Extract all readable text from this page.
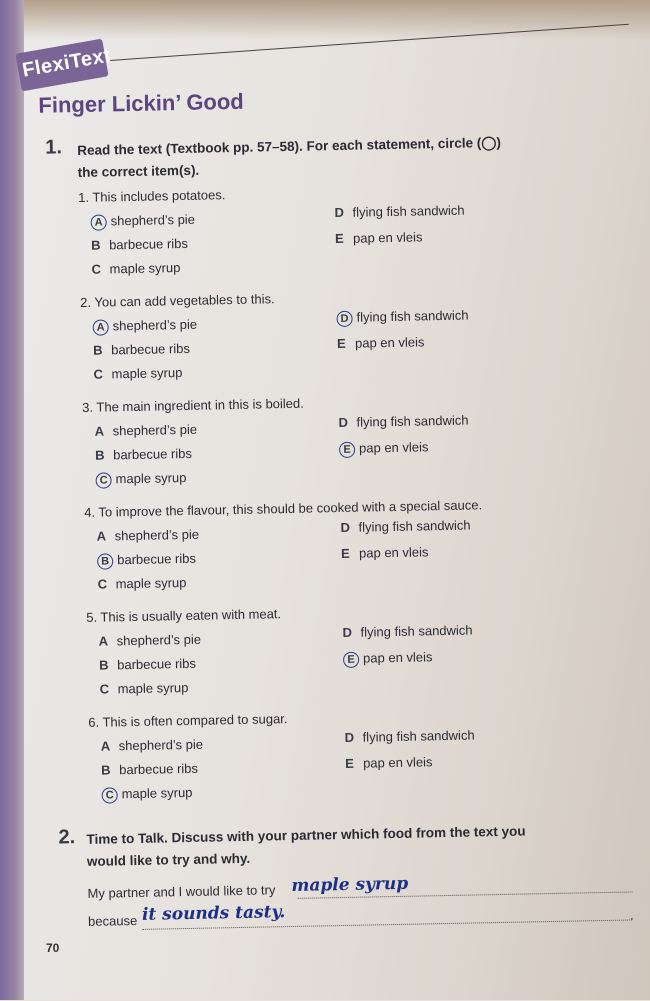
FlexiText
Finger Lickin’ Good
1. Read the text (Textbook pp. 57–58). For each statement, circle (◯)
the correct item(s).
1. This includes potatoes.
A shepherd’s pie
B barbecue ribs
C maple syrup
D flying fish sandwich
E pap en vleis
2. You can add vegetables to this.
A shepherd’s pie
B barbecue ribs
C maple syrup
D flying fish sandwich
E pap en vleis
3. The main ingredient in this is boiled.
A shepherd’s pie
B barbecue ribs
C maple syrup
D flying fish sandwich
E pap en vleis
4. To improve the flavour, this should be cooked with a special sauce.
A shepherd’s pie
B barbecue ribs
C maple syrup
D flying fish sandwich
E pap en vleis
5. This is usually eaten with meat.
A shepherd’s pie
B barbecue ribs
C maple syrup
D flying fish sandwich
E pap en vleis
6. This is often compared to sugar.
A shepherd’s pie
B barbecue ribs
C maple syrup
D flying fish sandwich
E pap en vleis
2. Time to Talk. Discuss with your partner which food from the text you
would like to try and why.
My partner and I would like to try maple syrup
because it sounds tasty.	.
70
